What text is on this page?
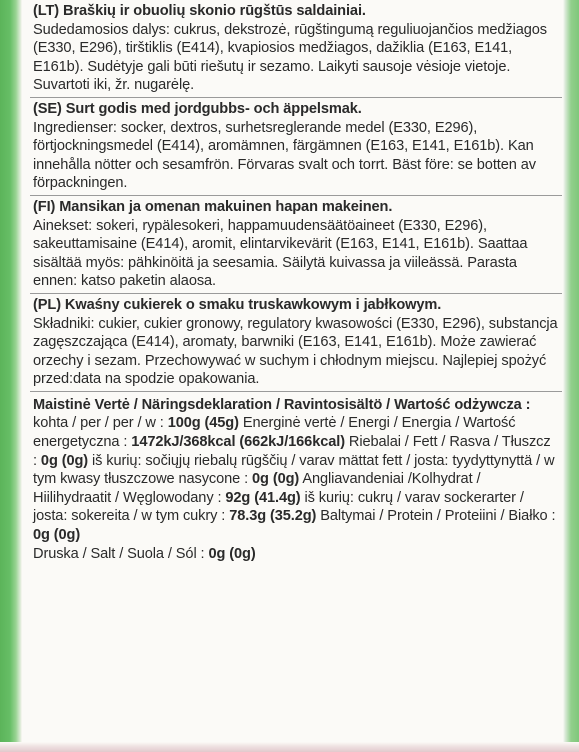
(LT) Braškių ir obuolių skonio rūgštūs saldainiai.

Sudedamosios dalys: cukrus, dekstrozė, rūgštingumą reguliuojančios medžiagos (E330, E296), tirštiklis (E414), kvapiosios medžiagos, dažiklia (E163, E141, E161b). Sudėtyje gali būti riešutų ir sezamo. Laikyti sausoje vėsioje vietoje. Suvartoti iki, žr. nugarėlę.

(SE) Surt godis med jordgubbs- och äppelsmak.

Ingredienser: socker, dextros, surhetsreglerande medel (E330, E296), förtjockningsmedel (E414), aromämnen, färgämnen (E163, E141, E161b). Kan innehålla nötter och sesamfrön. Förvaras svalt och torrt. Bäst före: se botten av förpackningen.

(FI) Mansikan ja omenan makuinen hapan makeinen.

Ainekset: sokeri, rypälesokeri, happamuudensäätöaineet (E330, E296), sakeuttamisaine (E414), aromit, elintarvikevärit (E163, E141, E161b). Saattaa sisältää myös: pähkinöitä ja seesamia. Säilytä kuivassa ja viileässä. Parasta ennen: katso paketin alaosa.

(PL) Kwaśny cukierek o smaku truskawkowym i jabłkowym.

Składniki: cukier, cukier gronowy, regulatory kwasowości (E330, E296), substancja zagęszczająca (E414), aromaty, barwniki (E163, E141, E161b). Może zawierać orzechy i sezam. Przechowywać w suchym i chłodnym miejscu. Najlepiej spożyć przed:data na spodzie opakowania.

Maistinė Vertė / Näringsdeklaration / Ravintosisältö / Wartość odżywcza : kohta / per / per / w : 100g (45g) Energinė vertė / Energi / Energia / Wartość energetyczna : 1472kJ/368kcal (662kJ/166kcal) Riebalai / Fett / Rasva / Tłuszcz : 0g (0g) iš kurių: sočiųjų riebalų rūgščių / varav mättat fett / josta: tyydyttynyttä / w tym kwasy tłuszczowe nasycone : 0g (0g) Angliavandeniai /Kolhydrat / Hiilihydraatit / Węglowodany : 92g (41.4g) iš kurių: cukrų / varav sockerarter / josta: sokereita / w tym cukry : 78.3g (35.2g) Baltymai / Protein / Proteiini / Białko : 0g (0g)
Druska / Salt / Suola / Sól : 0g (0g)
